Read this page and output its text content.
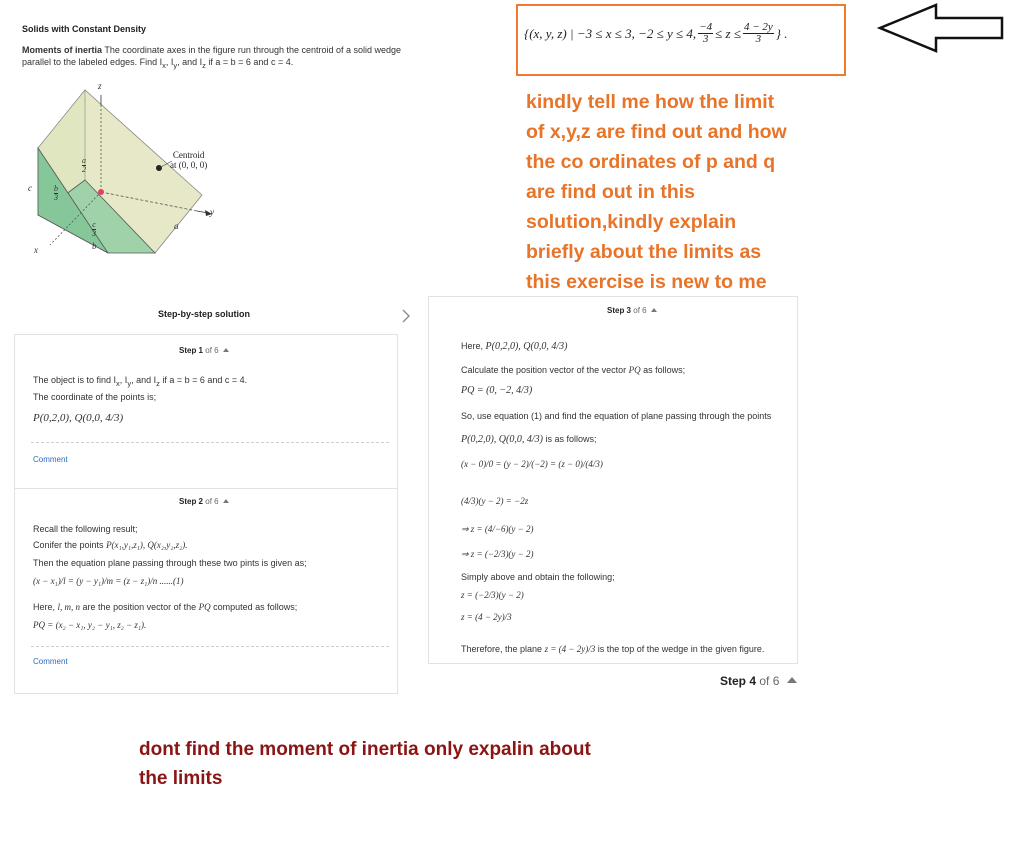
Solids with Constant Density
Moments of inertia The coordinate axes in the figure run through the centroid of a solid wedge
parallel to the labeled edges. Find $I_x$, $I_y$, and $I_z$ if a = b = 6 and c = 4.
Centroid
at (0, 0, 0)
z
y
x
a
b
c
$\frac{a}{2}$
$\frac{b}{3}$
$\frac{c}{3}$
{(x, y, z) | −3 ≤ x ≤ 3, −2 ≤ y ≤ 4, $\frac{-4}{3} \le z \le \frac{4 - 2y}{3}$ } .
kindly tell me how the limit
of x,y,z are find out and how
the co ordinates of p and q
are find out in this
solution,kindly explain
briefly about the limits as
this exercise is new to me
Step-by-step solution
Step 1 of 6
The object is to find $I_x$, $I_y$, and $I_z$ if a = b = 6 and c = 4.
The coordinate of the points is;
P(0,2,0), Q(0,0, 4/3)
Comment
Step 2 of 6
Recall the following result;
Conifer the points P(x₁,y₁,z₁), Q(x₂,y₂,z₂).
Then the equation plane passing through these two pints is given as;
(x − x₁)/l = (y − y₁)/m = (z − z₁)/n ......(1)
Here, l, m, n are the position vector of the PQ computed as follows;
PQ = (x₂ − x₁, y₂ − y₁, z₂ − z₁).
Comment
Step 3 of 6
Here, P(0,2,0), Q(0,0, 4/3)
Calculate the position vector of the vector PQ as follows;
PQ = (0, −2, 4/3)
So, use equation (1) and find the equation of plane passing through the points
P(0,2,0), Q(0,0, 4/3) is as follows;
(x − 0)/0 = (y − 2)/(−2) = (z − 0)/(4/3)
(4/3)(y − 2) = −2z
⇒ z = (4/−6)(y − 2)
⇒ z = (−2/3)(y − 2)
Simply above and obtain the following;
z = (−2/3)(y − 2)
z = (4 − 2y)/3
Therefore, the plane z = (4 − 2y)/3 is the top of the wedge in the given figure.
Step 4 of 6
dont find the moment of inertia only expalin about
the limits
